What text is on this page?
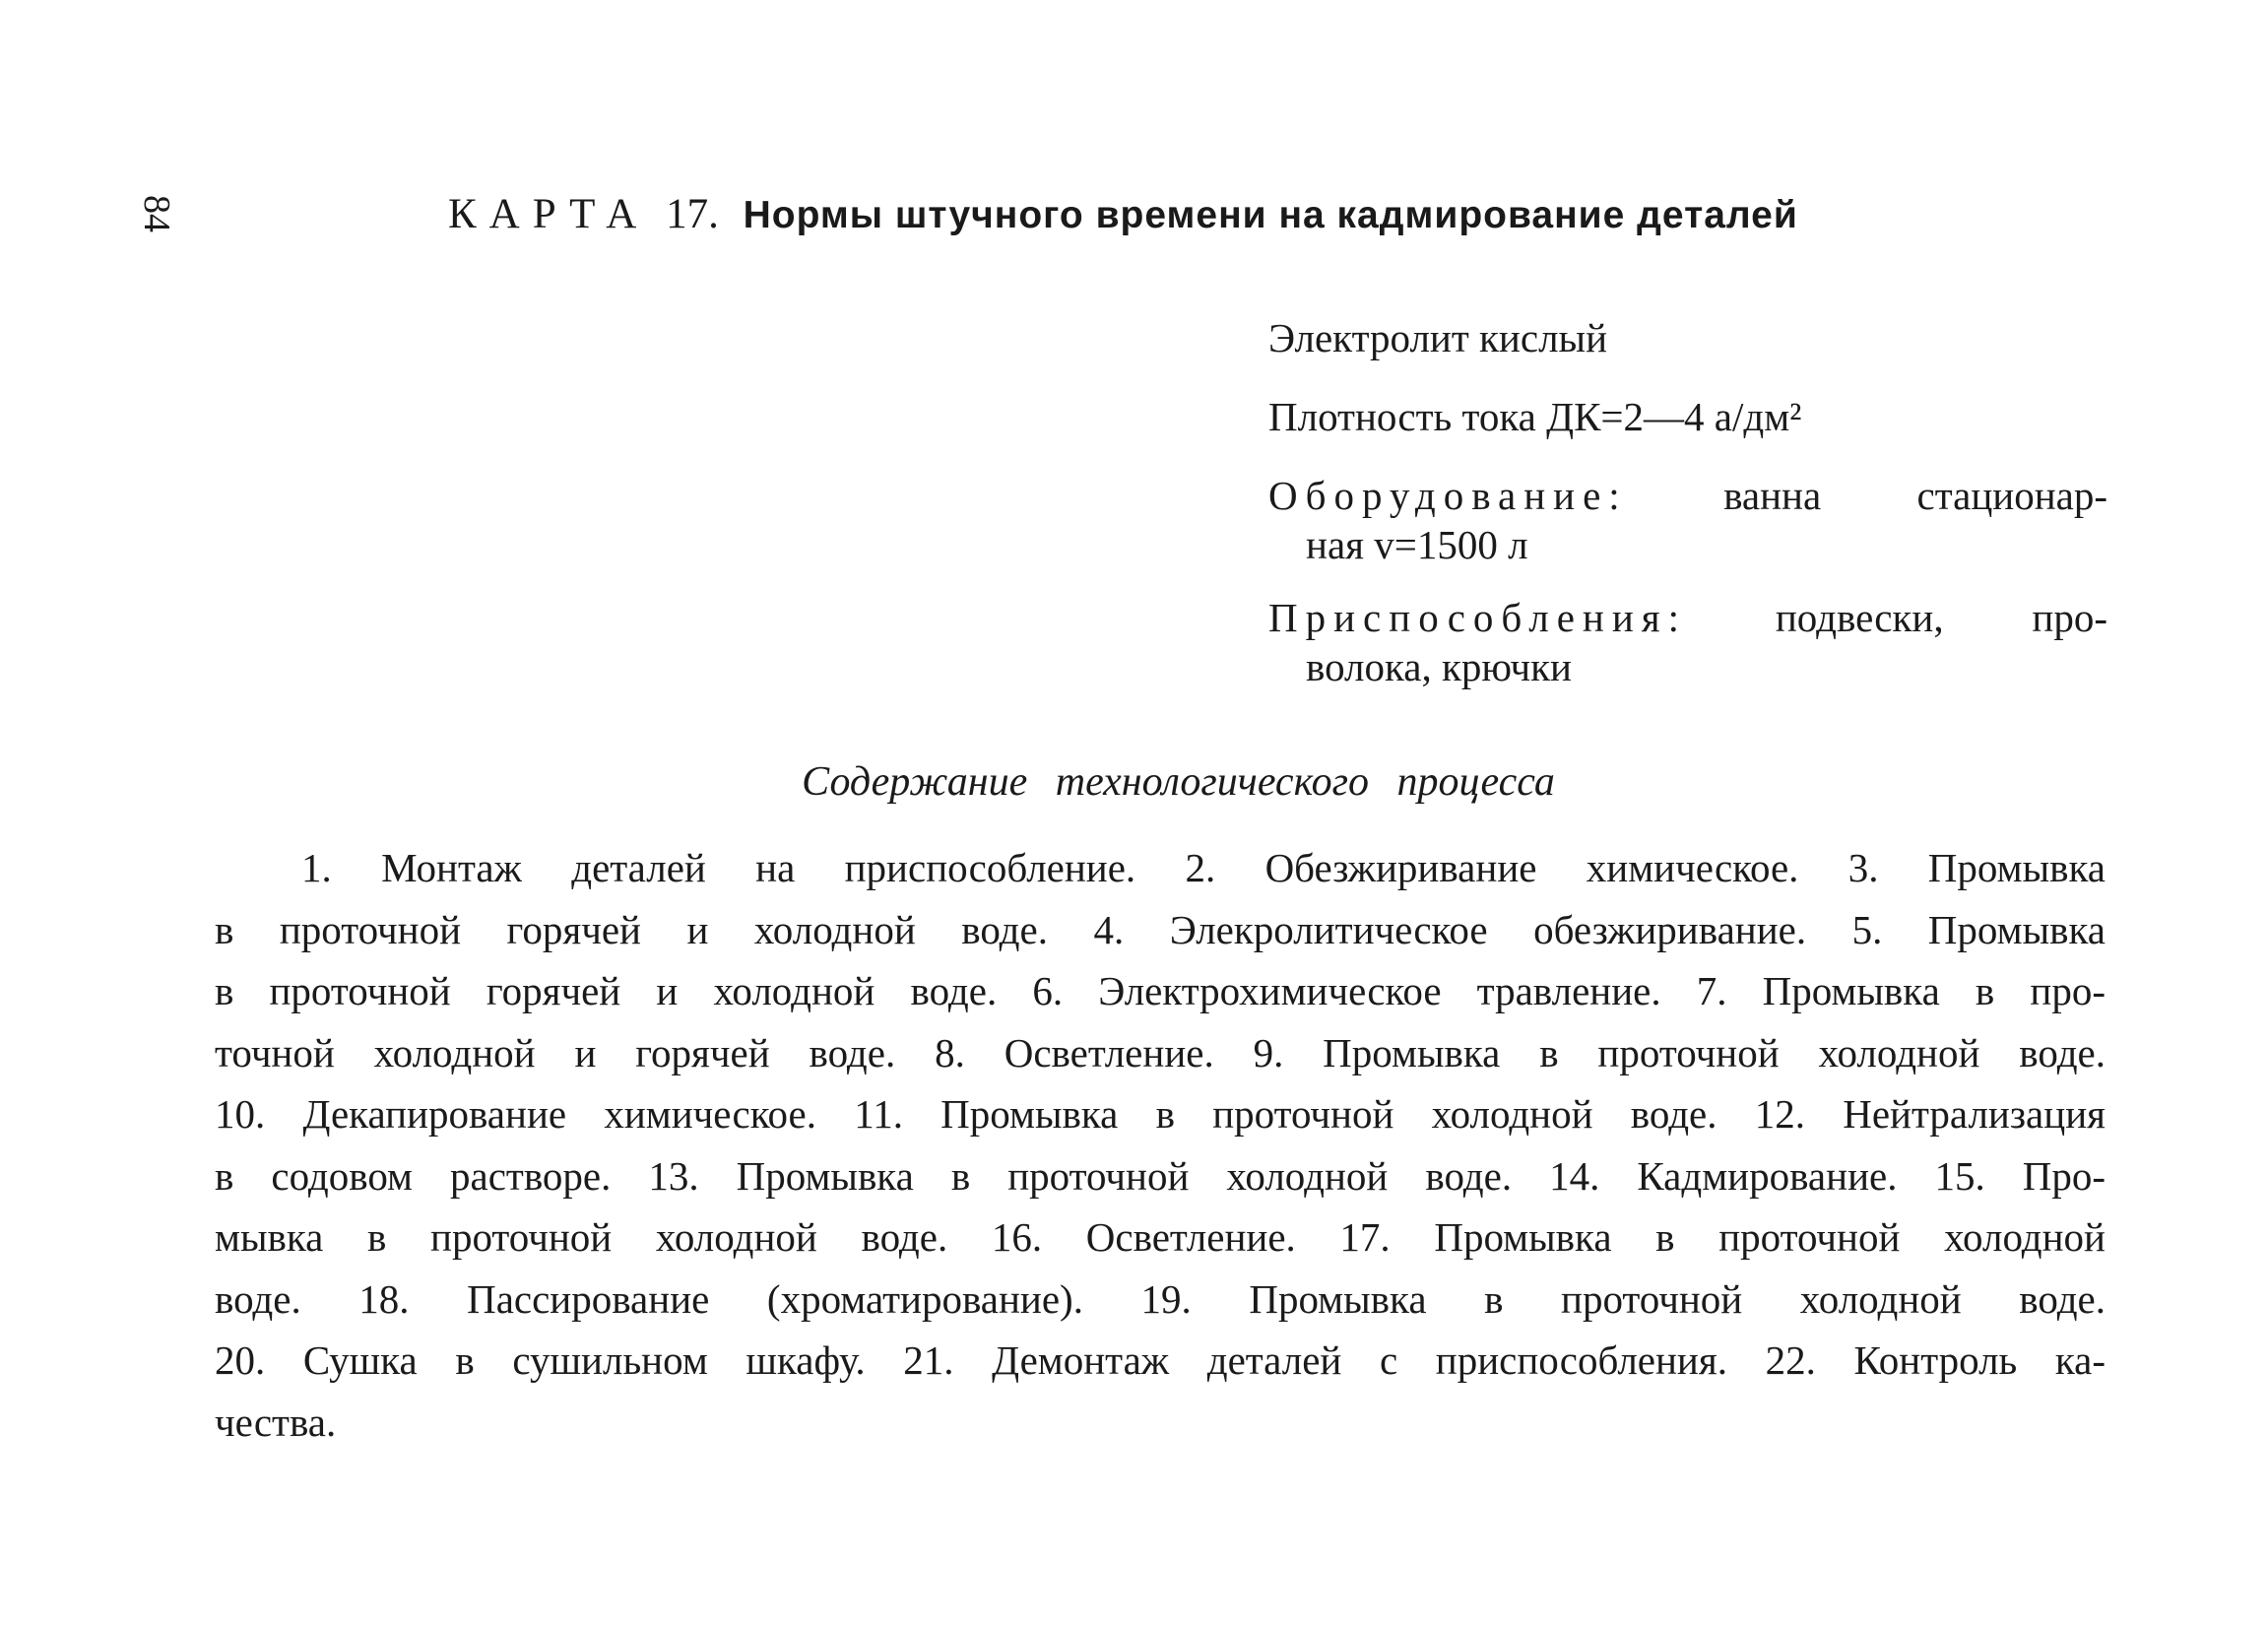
84	КАРТА 17. Нормы штучного времени на кадмирование деталей
Электролит кислый
Плотность тока ДК=2—4 а/дм²
Оборудование: ванна стационар-
ная v=1500 л
Приспособления: подвески, про-
волока, крючки
Содержание технологического процесса
1. Монтаж деталей на приспособление. 2. Обезжиривание химическое. 3. Промывка
в проточной горячей и холодной воде. 4. Элекролитическое обезжиривание. 5. Промывка
в проточной горячей и холодной воде. 6. Электрохимическое травление. 7. Промывка в про-
точной холодной и горячей воде. 8. Осветление. 9. Промывка в проточной холодной воде.
10. Декапирование химическое. 11. Промывка в проточной холодной воде. 12. Нейтрализация
в содовом растворе. 13. Промывка в проточной холодной воде. 14. Кадмирование. 15. Про-
мывка в проточной холодной воде. 16. Осветление. 17. Промывка в проточной холодной
воде. 18. Пассирование (хроматирование). 19. Промывка в проточной холодной воде.
20. Сушка в сушильном шкафу. 21. Демонтаж деталей с приспособления. 22. Контроль ка-
чества.
